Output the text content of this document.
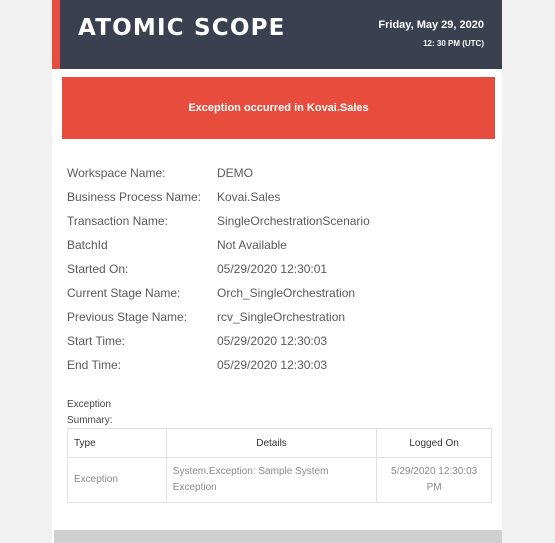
ATOMIC SCOPE	Friday, May 29, 2020
12: 30 PM (UTC)
Exception occurred in Kovai.Sales
Workspace Name:	DEMO
Business Process Name: Kovai.Sales
Transaction Name:	SingleOrchestrationScenario
BatchId	Not Available
Started On:	05/29/2020 12:30:01
Current Stage Name:	Orch_SingleOrchestration
Previous Stage Name: rcv_SingleOrchestration
Start Time:	05/29/2020 12:30:03
End Time:	05/29/2020 12:30:03
Exception
Summary:
Type	Details	Logged On
Exception	System.Exception: Sample System Exception	5/29/2020 12:30:03 PM
